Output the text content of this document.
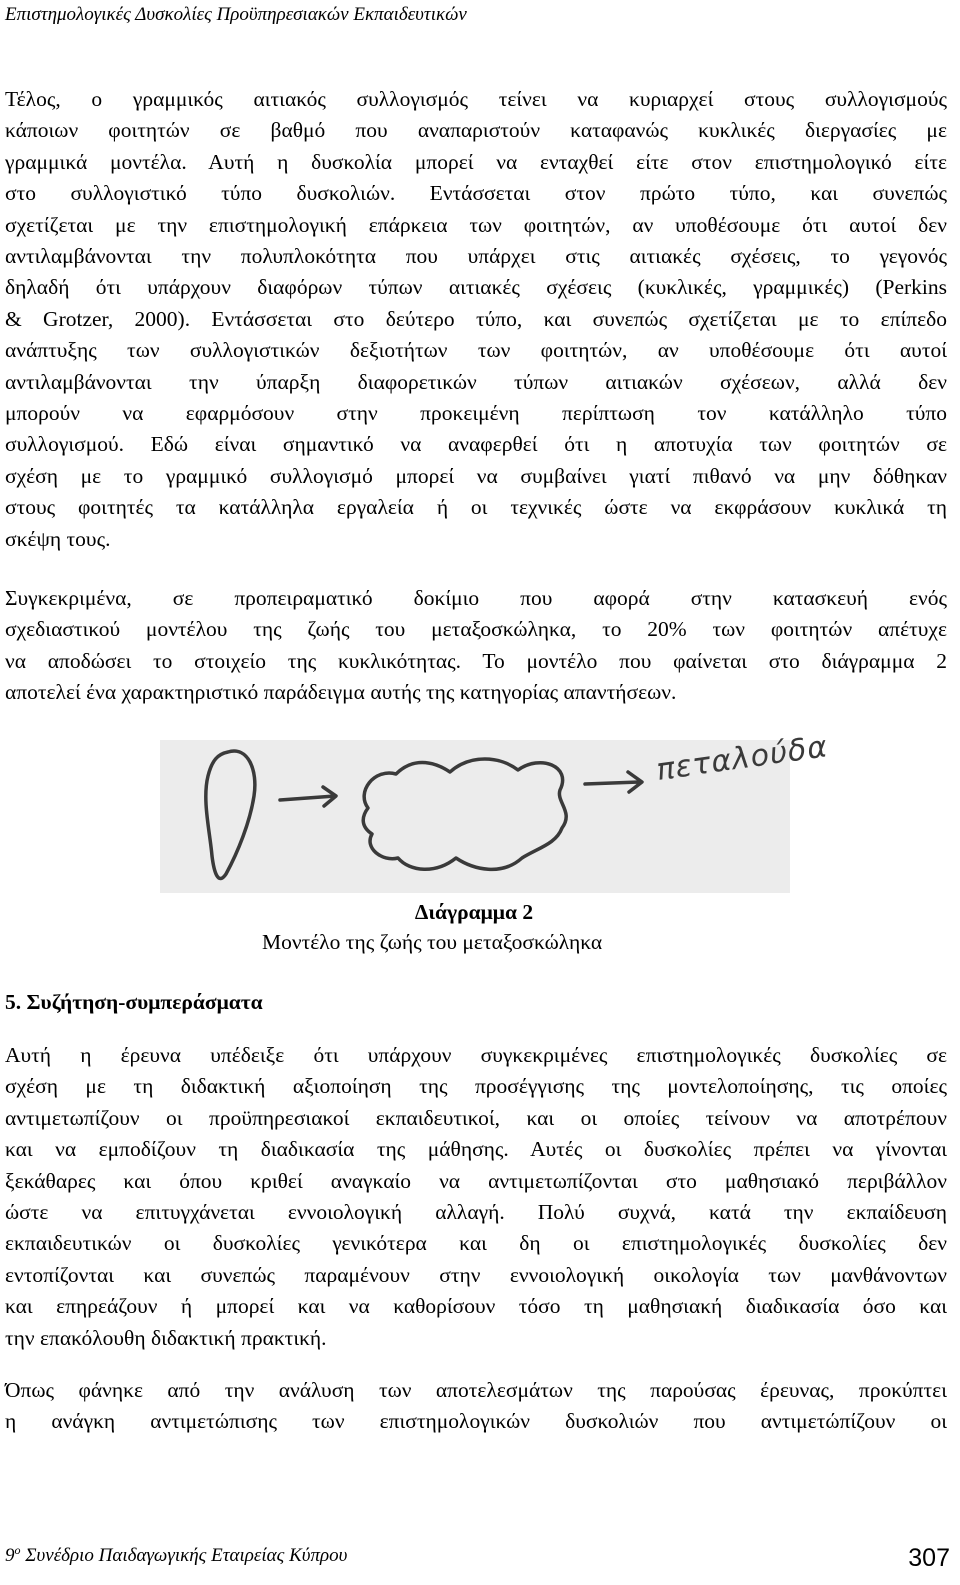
Επιστημολογικές Δυσκολίες Προϋπηρεσιακών Εκπαιδευτικών
Τέλος, ο γραμμικός αιτιακός συλλογισμός τείνει να κυριαρχεί στους συλλογισμούς
κάποιων φοιτητών σε βαθμό που αναπαριστούν καταφανώς κυκλικές διεργασίες με
γραμμικά μοντέλα. Αυτή η δυσκολία μπορεί να ενταχθεί είτε στον επιστημολογικό είτε
στο συλλογιστικό τύπο δυσκολιών. Εντάσσεται στον πρώτο τύπο, και συνεπώς
σχετίζεται με την επιστημολογική επάρκεια των φοιτητών, αν υποθέσουμε ότι αυτοί δεν
αντιλαμβάνονται την πολυπλοκότητα που υπάρχει στις αιτιακές σχέσεις, το γεγονός
δηλαδή ότι υπάρχουν διαφόρων τύπων αιτιακές σχέσεις (κυκλικές, γραμμικές) (Perkins
& Grotzer, 2000). Εντάσσεται στο δεύτερο τύπο, και συνεπώς σχετίζεται με το επίπεδο
ανάπτυξης των συλλογιστικών δεξιοτήτων των φοιτητών, αν υποθέσουμε ότι αυτοί
αντιλαμβάνονται την ύπαρξη διαφορετικών τύπων αιτιακών σχέσεων, αλλά δεν
μπορούν να εφαρμόσουν στην προκειμένη περίπτωση τον κατάλληλο τύπο
συλλογισμού. Εδώ είναι σημαντικό να αναφερθεί ότι η αποτυχία των φοιτητών σε
σχέση με το γραμμικό συλλογισμό μπορεί να συμβαίνει γιατί πιθανό να μην δόθηκαν
στους φοιτητές τα κατάλληλα εργαλεία ή οι τεχνικές ώστε να εκφράσουν κυκλικά τη
σκέψη τους.
Συγκεκριμένα, σε προπειραματικό δοκίμιο που αφορά στην κατασκευή ενός
σχεδιαστικού μοντέλου της ζωής του μεταξοσκώληκα, το 20% των φοιτητών απέτυχε
να αποδώσει το στοιχείο της κυκλικότητας. Το μοντέλο που φαίνεται στο διάγραμμα 2
αποτελεί ένα χαρακτηριστικό παράδειγμα αυτής της κατηγορίας απαντήσεων.
πεταλούδα
Διάγραμμα 2
Μοντέλο της ζωής του μεταξοσκώληκα
5. Συζήτηση-συμπεράσματα
Αυτή η έρευνα υπέδειξε ότι υπάρχουν συγκεκριμένες επιστημολογικές δυσκολίες σε
σχέση με τη διδακτική αξιοποίηση της προσέγγισης της μοντελοποίησης, τις οποίες
αντιμετωπίζουν οι προϋπηρεσιακοί εκπαιδευτικοί, και οι οποίες τείνουν να αποτρέπουν
και να εμποδίζουν τη διαδικασία της μάθησης. Αυτές οι δυσκολίες πρέπει να γίνονται
ξεκάθαρες και όπου κριθεί αναγκαίο να αντιμετωπίζονται στο μαθησιακό περιβάλλον
ώστε να επιτυγχάνεται εννοιολογική αλλαγή. Πολύ συχνά, κατά την εκπαίδευση
εκπαιδευτικών οι δυσκολίες γενικότερα και δη οι επιστημολογικές δυσκολίες δεν
εντοπίζονται και συνεπώς παραμένουν στην εννοιολογική οικολογία των μανθάνοντων
και επηρεάζουν ή μπορεί και να καθορίσουν τόσο τη μαθησιακή διαδικασία όσο και
την επακόλουθη διδακτική πρακτική.
Όπως φάνηκε από την ανάλυση των αποτελεσμάτων της παρούσας έρευνας, προκύπτει
η ανάγκη αντιμετώπισης των επιστημολογικών δυσκολιών που αντιμετώπίζουν οι
$9^o$ Συνέδριο Παιδαγωγικής Εταιρείας Κύπρου	307
